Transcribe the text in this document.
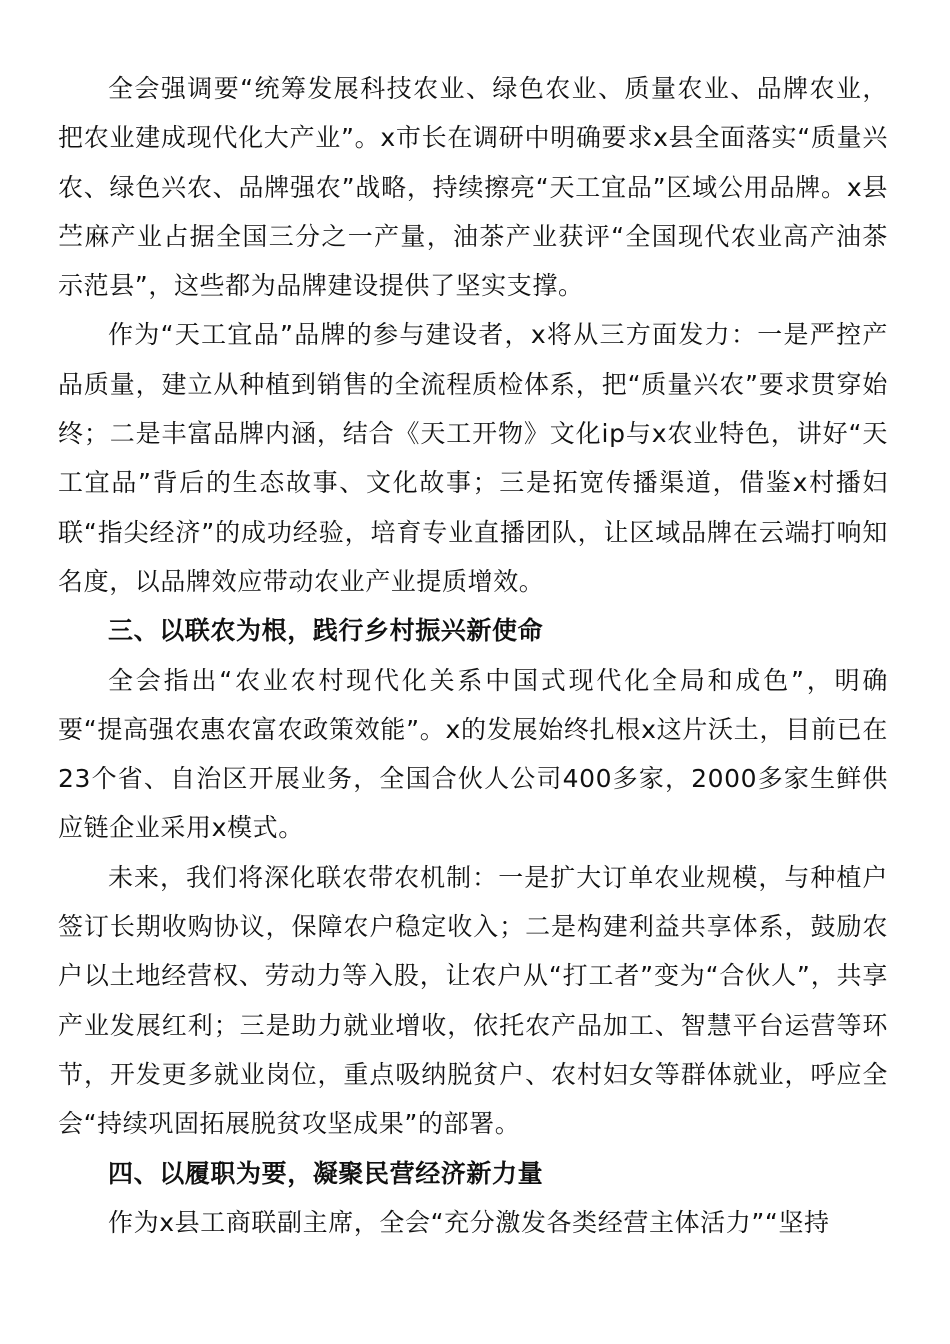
全会强调要“统筹发展科技农业、绿色农业、质量农业、品牌农业，把农业建成现代化大产业”。x市长在调研中明确要求x县全面落实“质量兴农、绿色兴农、品牌强农”战略，持续擦亮“天工宜品”区域公用品牌。x县苎麻产业占据全国三分之一产量，油茶产业获评“全国现代农业高产油茶示范县”，这些都为品牌建设提供了坚实支撑。

作为“天工宜品”品牌的参与建设者，x将从三方面发力：一是严控产品质量，建立从种植到销售的全流程质检体系，把“质量兴农”要求贯穿始终；二是丰富品牌内涵，结合《天工开物》文化ip与x农业特色，讲好“天工宜品”背后的生态故事、文化故事；三是拓宽传播渠道，借鉴x村播妇联“指尖经济”的成功经验，培育专业直播团队，让区域品牌在云端打响知名度，以品牌效应带动农业产业提质增效。

三、以联农为根，践行乡村振兴新使命

全会指出“农业农村现代化关系中国式现代化全局和成色”，明确要“提高强农惠农富农政策效能”。x的发展始终扎根x这片沃土，目前已在23个省、自治区开展业务，全国合伙人公司400多家，2000多家生鲜供应链企业采用x模式。

未来，我们将深化联农带农机制：一是扩大订单农业规模，与种植户签订长期收购协议，保障农户稳定收入；二是构建利益共享体系，鼓励农户以土地经营权、劳动力等入股，让农户从“打工者”变为“合伙人”，共享产业发展红利；三是助力就业增收，依托农产品加工、智慧平台运营等环节，开发更多就业岗位，重点吸纳脱贫户、农村妇女等群体就业，呼应全会“持续巩固拓展脱贫攻坚成果”的部署。

四、以履职为要，凝聚民营经济新力量

作为x县工商联副主席，全会“充分激发各类经营主体活力”“坚持
